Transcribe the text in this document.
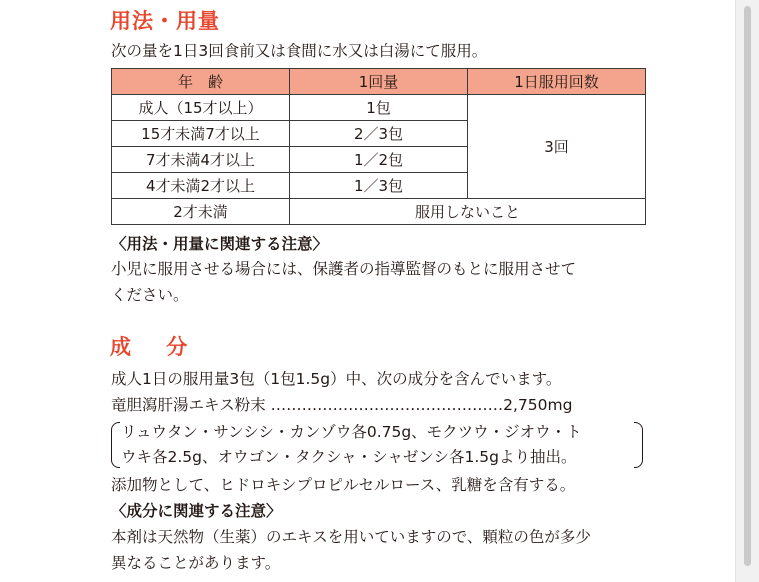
用法・用量
次の量を1日3回食前又は食間に水又は白湯にて服用。
年　齢	1回量	1日服用回数
成人（15才以上）	1包	3回
15才未満7才以上	2／3包	
7才未満4才以上	1／2包	
4才未満2才以上	1／3包	
2才未満	服用しないこと	
〈用法・用量に関連する注意〉
小児に服用させる場合には、保護者の指導監督のもとに服用させて
ください。
成 分
成人1日の服用量3包（1包1.5g）中、次の成分を含んでいます。
竜胆瀉肝湯エキス粉末 ………………………………………2,750mg
リュウタン・サンシシ・カンゾウ各0.75g、モクツウ・ジオウ・ト
ウキ各2.5g、オウゴン・タクシャ・シャゼンシ各1.5gより抽出。
添加物として、ヒドロキシプロピルセルロース、乳糖を含有する。
〈成分に関連する注意〉
本剤は天然物（生薬）のエキスを用いていますので、顆粒の色が多少
異なることがあります。
